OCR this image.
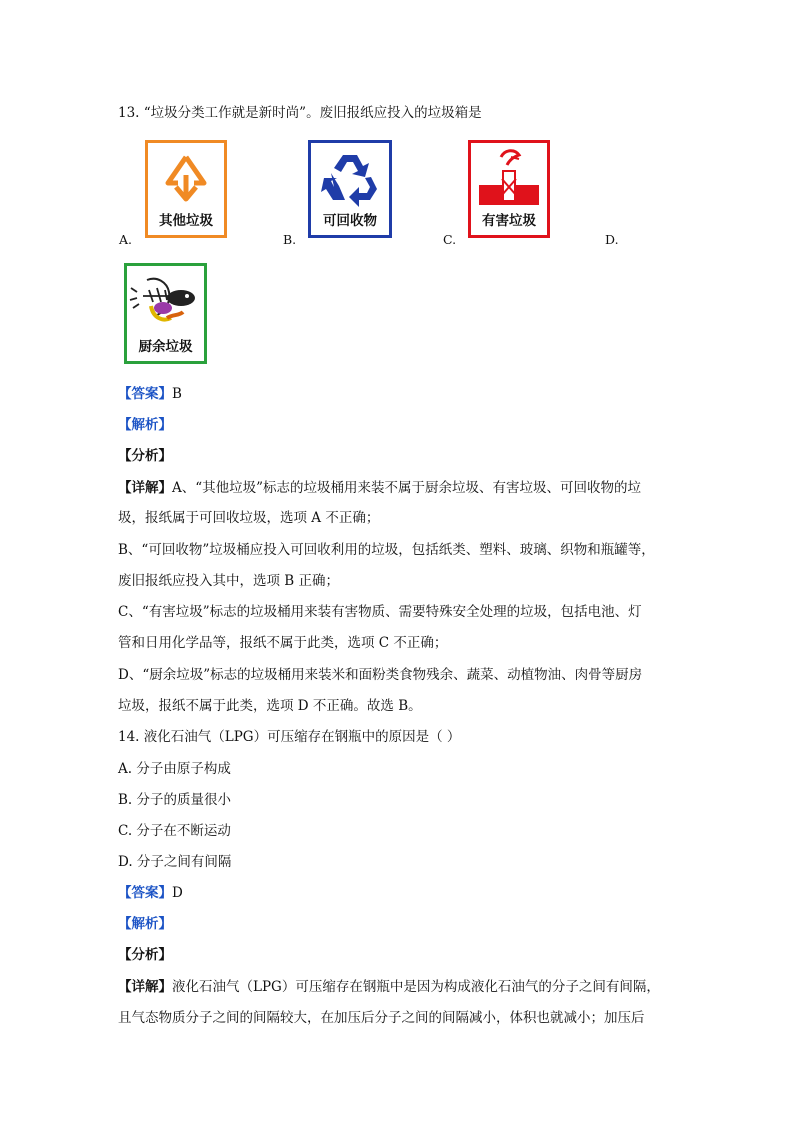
13. “垃圾分类工作就是新时尚”。废旧报纸应投入的垃圾箱是
其他垃圾
A.
可回收物
B.
有害垃圾
C.	D.
厨余垃圾
【答案】B
【解析】
【分析】
【详解】A、“其他垃圾”标志的垃圾桶用来装不属于厨余垃圾、有害垃圾、可回收物的垃
圾，报纸属于可回收垃圾，选项 A 不正确；
B、“可回收物”垃圾桶应投入可回收利用的垃圾，包括纸类、塑料、玻璃、织物和瓶罐等，
废旧报纸应投入其中，选项 B 正确；
C、“有害垃圾”标志的垃圾桶用来装有害物质、需要特殊安全处理的垃圾，包括电池、灯
管和日用化学品等，报纸不属于此类，选项 C 不正确；
D、“厨余垃圾”标志的垃圾桶用来装米和面粉类食物残余、蔬菜、动植物油、肉骨等厨房
垃圾，报纸不属于此类，选项 D 不正确。故选 B。
14. 液化石油气（LPG）可压缩存在钢瓶中的原因是（ ）
A. 分子由原子构成
B. 分子的质量很小
C. 分子在不断运动
D. 分子之间有间隔
【答案】D
【解析】
【分析】
【详解】液化石油气（LPG）可压缩存在钢瓶中是因为构成液化石油气的分子之间有间隔，
且气态物质分子之间的间隔较大，在加压后分子之间的间隔减小，体积也就减小；加压后
